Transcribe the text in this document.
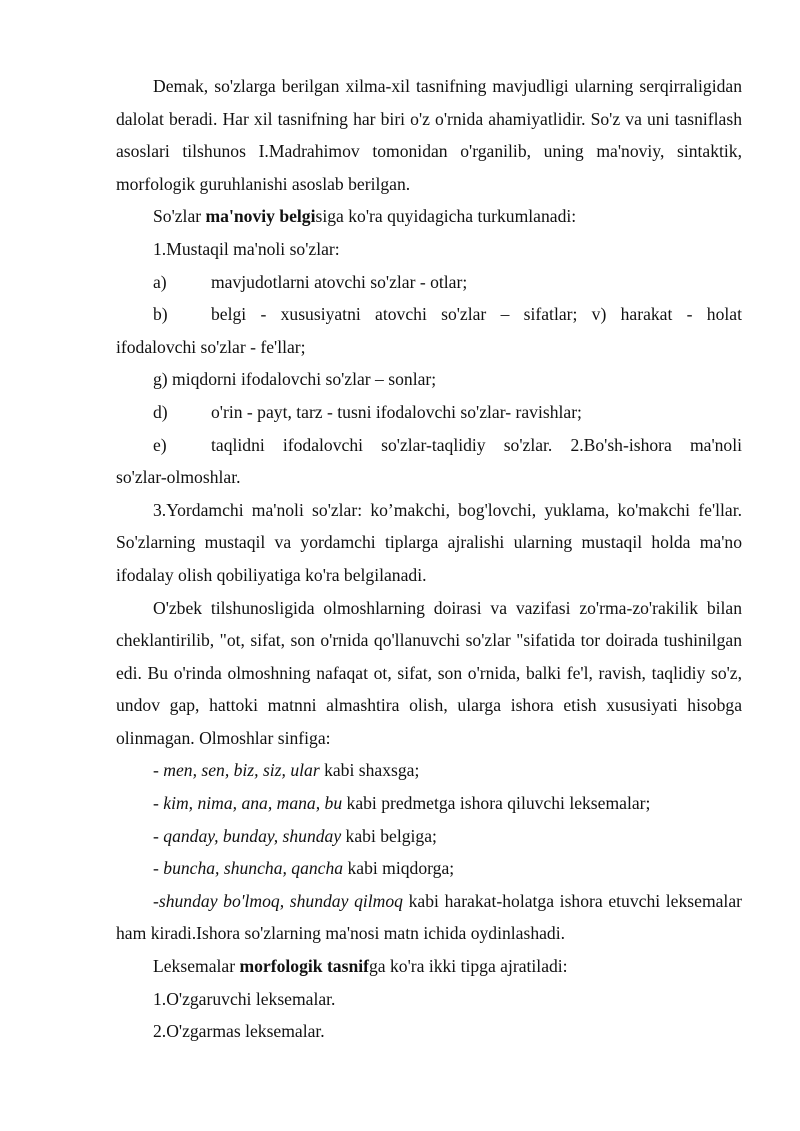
Demak, so'zlarga berilgan xilma-xil tasnifning mavjudligi ularning serqirraligidan dalolat beradi. Har xil tasnifning har biri o'z o'rnida ahamiyatlidir. So'z va uni tasniflash asoslari tilshunos I.Madrahimov tomonidan o'rganilib, uning ma'noviy, sintaktik, morfologik guruhlanishi asoslab berilgan.

So'zlar ma'noviy belgisiga ko'ra quyidagicha turkumlanadi:

1.Mustaqil ma'noli so'zlar:

a)	mavjudotlarni atovchi so'zlar - otlar;
b)	belgi - xususiyatni atovchi so'zlar – sifatlar; v) harakat - holat
ifodalovchi so'zlar - fe'llar;

g) miqdorni ifodalovchi so'zlar – sonlar;

d)	o'rin - payt, tarz - tusni ifodalovchi so'zlar- ravishlar;
e)	taqlidni ifodalovchi so'zlar-taqlidiy so'zlar. 2.Bo'sh-ishora ma'noli
so'zlar-olmoshlar.

3.Yordamchi ma'noli so'zlar: ko’makchi, bog'lovchi, yuklama, ko'makchi fe'llar. So'zlarning mustaqil va yordamchi tiplarga ajralishi ularning mustaqil holda ma'no ifodalay olish qobiliyatiga ko'ra belgilanadi.

O'zbek tilshunosligida olmoshlarning doirasi va vazifasi zo'rma-zo'rakilik bilan cheklantirilib, "ot, sifat, son o'rnida qo'llanuvchi so'zlar "sifatida tor doirada tushinilgan edi. Bu o'rinda olmoshning nafaqat ot, sifat, son o'rnida, balki fe'l, ravish, taqlidiy so'z, undov gap, hattoki matnni almashtira olish, ularga ishora etish xususiyati hisobga olinmagan. Olmoshlar sinfiga:

- men, sen, biz, siz, ular kabi shaxsga;

- kim, nima, ana, mana, bu kabi predmetga ishora qiluvchi leksemalar;

- qanday, bunday, shunday kabi belgiga;

- buncha, shuncha, qancha kabi miqdorga;

-shunday bo'lmoq, shunday qilmoq kabi harakat-holatga ishora etuvchi leksemalar ham kiradi.Ishora so'zlarning ma'nosi matn ichida oydinlashadi.

Leksemalar morfologik tasnifga ko'ra ikki tipga ajratiladi:

1.O'zgaruvchi leksemalar.

2.O'zgarmas leksemalar.
